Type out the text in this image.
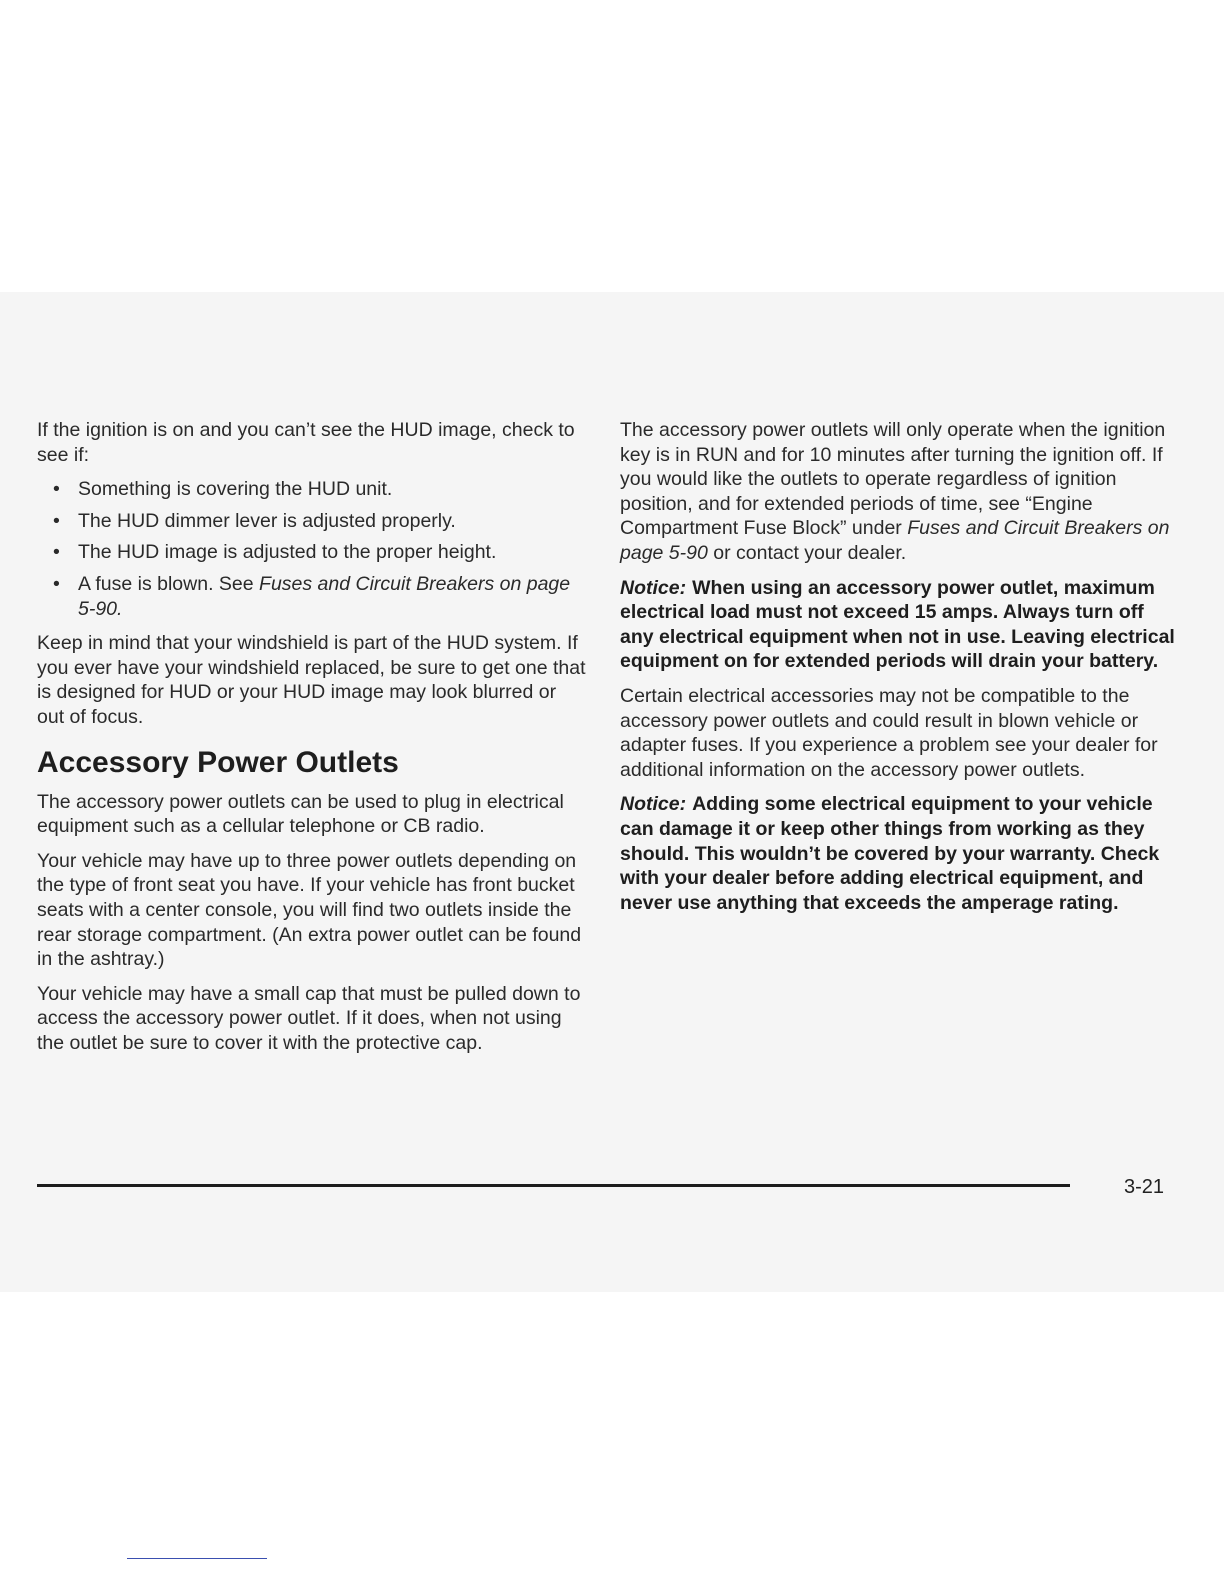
If the ignition is on and you can’t see the HUD image, check to see if:

• Something is covering the HUD unit.
• The HUD dimmer lever is adjusted properly.
• The HUD image is adjusted to the proper height.
• A fuse is blown. See Fuses and Circuit Breakers on page 5-90.

Keep in mind that your windshield is part of the HUD system. If you ever have your windshield replaced, be sure to get one that is designed for HUD or your HUD image may look blurred or out of focus.

Accessory Power Outlets

The accessory power outlets can be used to plug in electrical equipment such as a cellular telephone or CB radio.

Your vehicle may have up to three power outlets depending on the type of front seat you have. If your vehicle has front bucket seats with a center console, you will find two outlets inside the rear storage compartment. (An extra power outlet can be found in the ashtray.)

Your vehicle may have a small cap that must be pulled down to access the accessory power outlet. If it does, when not using the outlet be sure to cover it with the protective cap.

The accessory power outlets will only operate when the ignition key is in RUN and for 10 minutes after turning the ignition off. If you would like the outlets to operate regardless of ignition position, and for extended periods of time, see “Engine Compartment Fuse Block” under Fuses and Circuit Breakers on page 5-90 or contact your dealer.

Notice: When using an accessory power outlet, maximum electrical load must not exceed 15 amps. Always turn off any electrical equipment when not in use. Leaving electrical equipment on for extended periods will drain your battery.

Certain electrical accessories may not be compatible to the accessory power outlets and could result in blown vehicle or adapter fuses. If you experience a problem see your dealer for additional information on the accessory power outlets.

Notice: Adding some electrical equipment to your vehicle can damage it or keep other things from working as they should. This wouldn’t be covered by your warranty. Check with your dealer before adding electrical equipment, and never use anything that exceeds the amperage rating.

3-21
